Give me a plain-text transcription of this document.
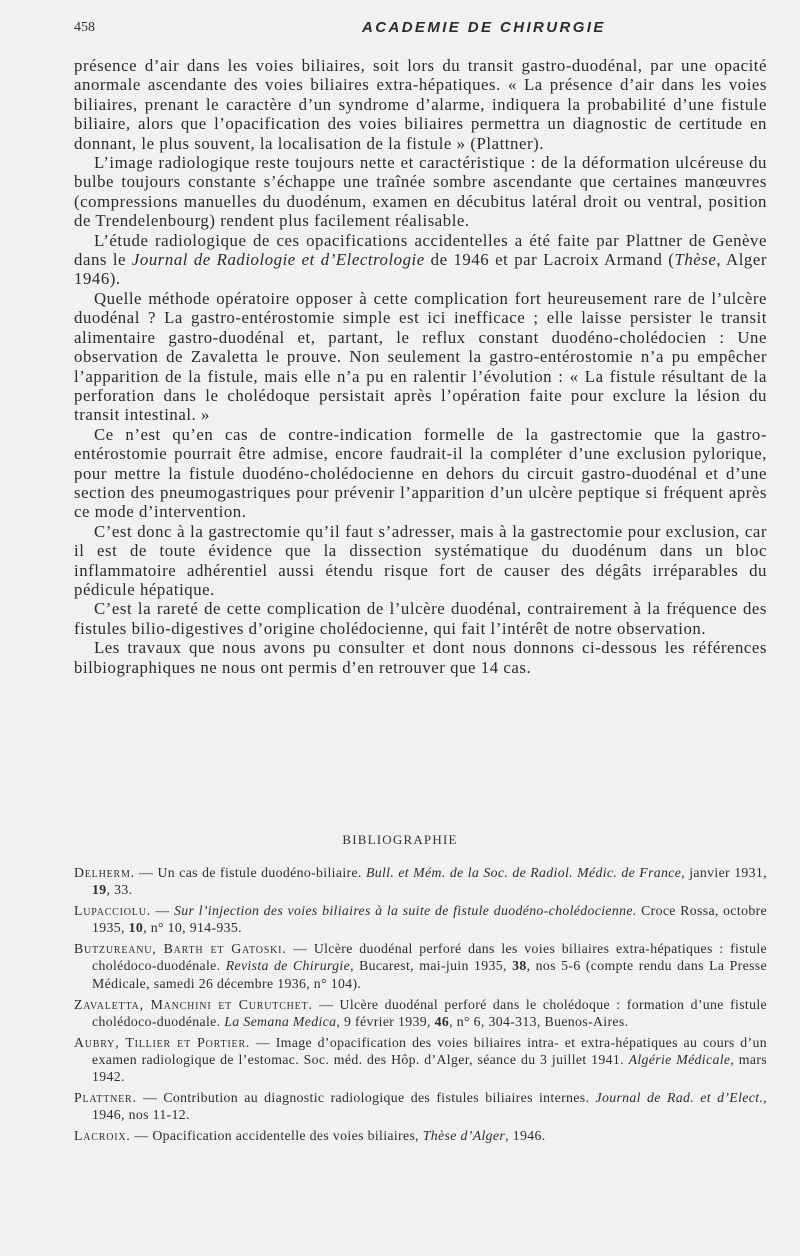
458	ACADEMIE DE CHIRURGIE

présence d’air dans les voies biliaires, soit lors du transit gastro-duodénal, par une opacité anormale ascendante des voies biliaires extra-hépatiques. « La présence d’air dans les voies biliaires, prenant le caractère d’un syndrome d’alarme, indiquera la probabilité d’une fistule biliaire, alors que l’opacification des voies biliaires permettra un diagnostic de certitude en donnant, le plus souvent, la localisation de la fistule » (Plattner).

L’image radiologique reste toujours nette et caractéristique : de la déformation ulcéreuse du bulbe toujours constante s’échappe une traînée sombre ascendante que certaines manœuvres (compressions manuelles du duodénum, examen en décubitus latéral droit ou ventral, position de Trendelenbourg) rendent plus facilement réalisable.

L’étude radiologique de ces opacifications accidentelles a été faite par Plattner de Genève dans le Journal de Radiologie et d’Electrologie de 1946 et par Lacroix Armand (Thèse, Alger 1946).

Quelle méthode opératoire opposer à cette complication fort heureusement rare de l’ulcère duodénal ? La gastro-entérostomie simple est ici inefficace ; elle laisse persister le transit alimentaire gastro-duodénal et, partant, le reflux constant duodéno-cholédocien : Une observation de Zavaletta le prouve. Non seulement la gastro-entérostomie n’a pu empêcher l’apparition de la fistule, mais elle n’a pu en ralentir l’évolution : « La fistule résultant de la perforation dans le cholédoque persistait après l’opération faite pour exclure la lésion du transit intestinal. »

Ce n’est qu’en cas de contre-indication formelle de la gastrectomie que la gastro-entérostomie pourrait être admise, encore faudrait-il la compléter d’une exclusion pylorique, pour mettre la fistule duodéno-cholédocienne en dehors du circuit gastro-duodénal et d’une section des pneumogastriques pour prévenir l’apparition d’un ulcère peptique si fréquent après ce mode d’intervention.

C’est donc à la gastrectomie qu’il faut s’adresser, mais à la gastrectomie pour exclusion, car il est de toute évidence que la dissection systématique du duodénum dans un bloc inflammatoire adhérentiel aussi étendu risque fort de causer des dégâts irréparables du pédicule hépatique.

C’est la rareté de cette complication de l’ulcère duodénal, contrairement à la fréquence des fistules bilio-digestives d’origine cholédocienne, qui fait l’intérêt de notre observation.

Les travaux que nous avons pu consulter et dont nous donnons ci-dessous les références bilbiographiques ne nous ont permis d’en retrouver que 14 cas.

BIBLIOGRAPHIE

Delherm. — Un cas de fistule duodéno-biliaire. Bull. et Mém. de la Soc. de Radiol. Médic. de France, janvier 1931, 19, 33.

Lupacciolu. — Sur l’injection des voies biliaires à la suite de fistule duodéno-cholédocienne. Croce Rossa, octobre 1935, 10, n° 10, 914-935.

Butzureanu, Barth et Gatoski. — Ulcère duodénal perforé dans les voies biliaires extra-hépatiques : fistule cholédoco-duodénale. Revista de Chirurgie, Bucarest, mai-juin 1935, 38, nos 5-6 (compte rendu dans La Presse Médicale, samedi 26 décembre 1936, n° 104).

Zavaletta, Manchini et Curutchet. — Ulcère duodénal perforé dans le cholédoque : formation d’une fistule cholédoco-duodénale. La Semana Medica, 9 février 1939, 46, n° 6, 304-313, Buenos-Aires.

Aubry, Tillier et Portier. — Image d’opacification des voies biliaires intra- et extra-hépatiques au cours d’un examen radiologique de l’estomac. Soc. méd. des Hôp. d’Alger, séance du 3 juillet 1941. Algérie Médicale, mars 1942.

Plattner. — Contribution au diagnostic radiologique des fistules biliaires internes. Journal de Rad. et d’Elect., 1946, nos 11-12.

Lacroix. — Opacification accidentelle des voies biliaires, Thèse d’Alger, 1946.
